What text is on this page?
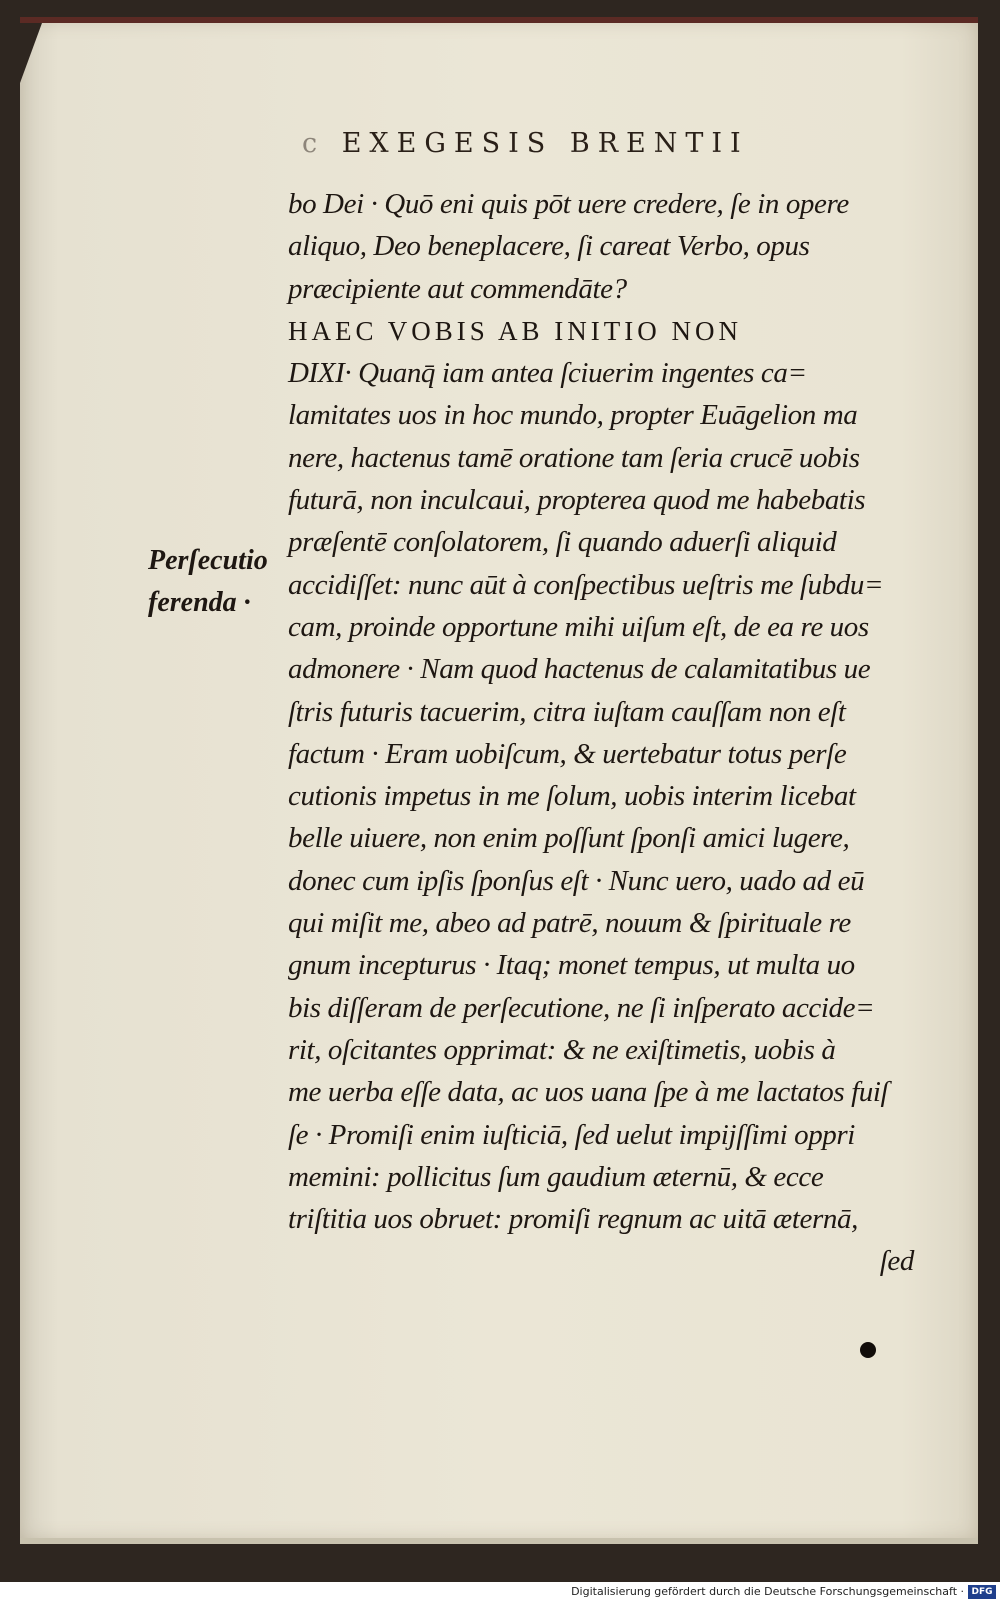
c EXEGESIS BRENTII
Perſecutio
ferenda ·
bo Dei · Quō eni quis pōt uere credere, ſe in opere
aliquo, Deo beneplacere, ſi careat Verbo, opus
præcipiente aut commendāte?
HAEC VOBIS AB INITIO NON
DIXI· Quanq̄ iam antea ſciuerim ingentes ca=
lamitates uos in hoc mundo, propter Euāgelion ma
nere, hactenus tamē oratione tam ſeria crucē uobis
futurā, non inculcaui, propterea quod me habebatis
præſentē conſolatorem, ſi quando aduerſi aliquid
accidiſſet: nunc aūt à conſpectibus ueſtris me ſubdu=
cam, proinde opportune mihi uiſum eſt, de ea re uos
admonere · Nam quod hactenus de calamitatibus ue
ſtris futuris tacuerim, citra iuſtam cauſſam non eſt
factum · Eram uobiſcum, & uertebatur totus perſe
cutionis impetus in me ſolum, uobis interim licebat
belle uiuere, non enim poſſunt ſponſi amici lugere,
donec cum ipſis ſponſus eſt · Nunc uero, uado ad eū
qui miſit me, abeo ad patrē, nouum & ſpirituale re
gnum incepturus · Itaq; monet tempus, ut multa uo
bis diſſeram de perſecutione, ne ſi inſperato accide=
rit, oſcitantes opprimat: & ne exiſtimetis, uobis à
me uerba eſſe data, ac uos uana ſpe à me lactatos fuiſ
ſe · Promiſi enim iuſticiā, ſed uelut impijſſimi oppri
memini: pollicitus ſum gaudium æternū, & ecce
triſtitia uos obruet: promiſi regnum ac uitā æternā,
ſed
Digitalisierung gefördert durch die Deutsche Forschungsgemeinschaft · DFG
